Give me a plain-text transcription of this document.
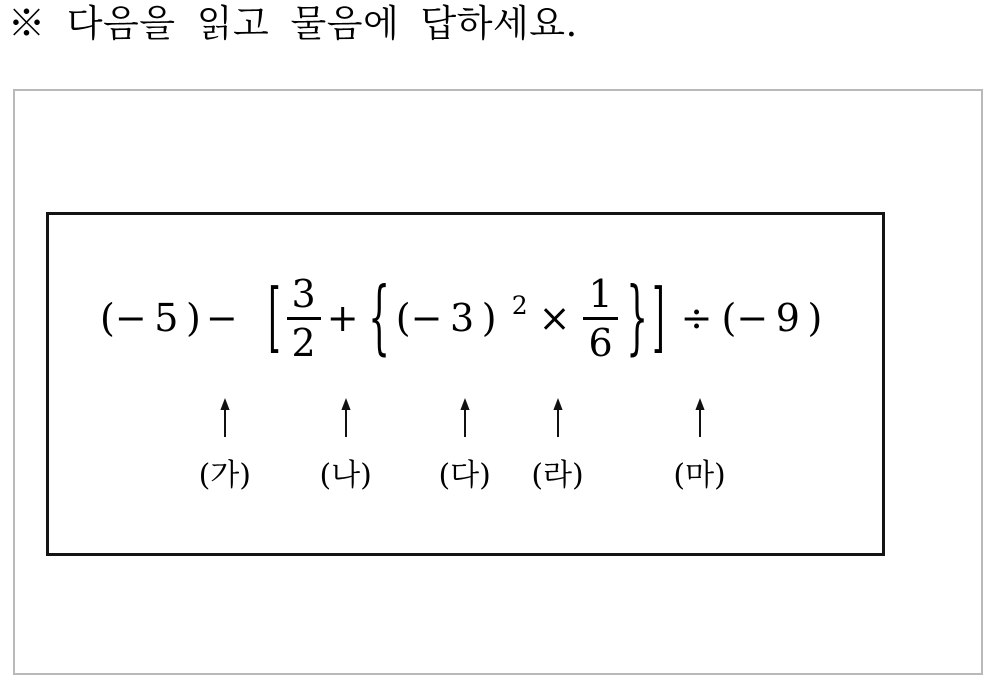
※ 다음을 읽고 물음에 답하세요.
(− 5 ) − [ $\frac{3}{2}$ + { (− 3 ) $^2 \times \frac{1}{6}$ } ] ÷ (− 9 )
(가) (나) (다) (라)	(마)
